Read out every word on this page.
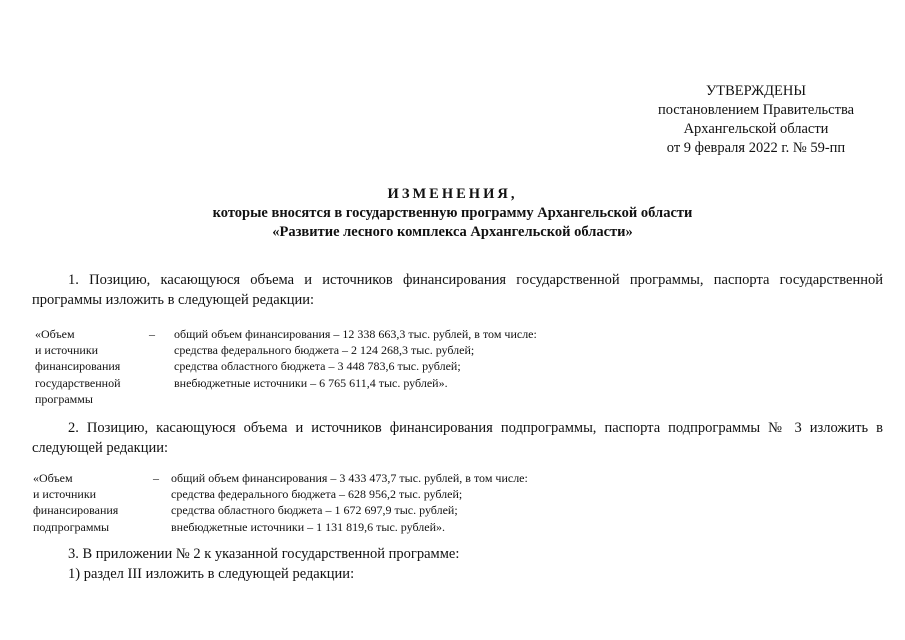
УТВЕРЖДЕНЫ
постановлением Правительства
Архангельской области
от 9 февраля 2022 г. № 59-пп
ИЗМЕНЕНИЯ,
которые вносятся в государственную программу Архангельской области
«Развитие лесного комплекса Архангельской области»
1. Позицию, касающуюся объема и источников финансирования государственной программы, паспорта государственной программы изложить в следующей редакции:
«Объем
и источники
финансирования
государственной
программы
– общий объем финансирования – 12 338 663,3 тыс. рублей, в том числе:
средства федерального бюджета – 2 124 268,3 тыс. рублей;
средства областного бюджета – 3 448 783,6 тыс. рублей;
внебюджетные источники – 6 765 611,4 тыс. рублей».
2. Позицию, касающуюся объема и источников финансирования подпрограммы, паспорта подпрограммы № 3 изложить в следующей редакции:
«Объем
и источники
финансирования
подпрограммы
– общий объем финансирования – 3 433 473,7 тыс. рублей, в том числе:
средства федерального бюджета – 628 956,2 тыс. рублей;
средства областного бюджета – 1 672 697,9 тыс. рублей;
внебюджетные источники – 1 131 819,6 тыс. рублей».
3. В приложении № 2 к указанной государственной программе:
1) раздел III изложить в следующей редакции:
